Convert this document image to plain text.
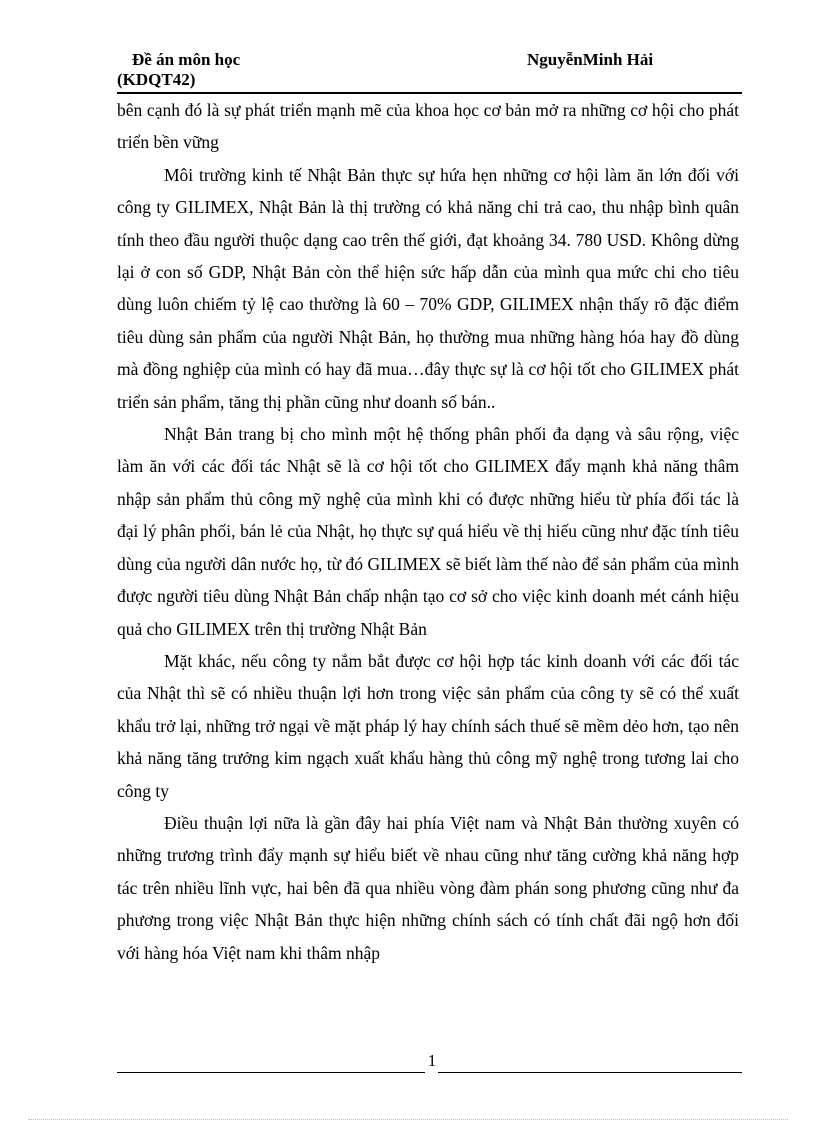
Đề án môn học
(KDQT42)
NguyễnMinh Hải

bên cạnh đó là sự phát triển mạnh mẽ của khoa học cơ bản mở ra những cơ hội cho phát triển bền vững

Môi trường kinh tế Nhật Bản thực sự hứa hẹn những cơ hội làm ăn lớn đối với công ty GILIMEX, Nhật Bản là thị trường có khả năng chi trả cao, thu nhập bình quân tính theo đầu người thuộc dạng cao trên thế giới, đạt khoảng 34. 780 USD. Không dừng lại ở con số GDP, Nhật Bản còn thể hiện sức hấp dẫn của mình qua mức chi cho tiêu dùng luôn chiếm tỷ lệ cao thường là 60 – 70% GDP, GILIMEX nhận thấy rõ đặc điểm tiêu dùng sản phẩm của người Nhật Bản, họ thường mua những hàng hóa hay đồ dùng mà đồng nghiệp của mình có hay đã mua…đây thực sự là cơ hội tốt cho GILIMEX phát triển sản phẩm, tăng thị phần cũng như doanh số bán..

Nhật Bản trang bị cho mình một hệ thống phân phối đa dạng và sâu rộng, việc làm ăn với các đối tác Nhật sẽ là cơ hội tốt cho GILIMEX đẩy mạnh khả năng thâm nhập sản phẩm thủ công mỹ nghệ của mình khi có được những hiểu từ phía đối tác là đại lý phân phối, bán lẻ của Nhật, họ thực sự quá hiểu về thị hiếu cũng như đặc tính tiêu dùng của người dân nước họ, từ đó GILIMEX sẽ biết làm thế nào để sản phẩm của mình được người tiêu dùng Nhật Bản chấp nhận tạo cơ sở cho việc kinh doanh mét cánh hiệu quả cho GILIMEX trên thị trường Nhật Bản

Mặt khác, nếu công ty nắm bắt được cơ hội hợp tác kinh doanh với các đối tác của Nhật thì sẽ có nhiều thuận lợi hơn trong việc sản phẩm của công ty sẽ có thể xuất khẩu trở lại, những trở ngại về mặt pháp lý hay chính sách thuế sẽ mềm dẻo hơn, tạo nên khả năng tăng trưởng kim ngạch xuất khẩu hàng thủ công mỹ nghệ trong tương lai cho công ty

Điều thuận lợi nữa là gần đây hai phía Việt nam và Nhật Bản thường xuyên có những trương trình đẩy mạnh sự hiểu biết về nhau cũng như tăng cường khả năng hợp tác trên nhiều lĩnh vực, hai bên đã qua nhiều vòng đàm phán song phương cũng như đa phương trong việc Nhật Bản thực hiện những chính sách có tính chất đãi ngộ hơn đối với hàng hóa Việt nam khi thâm nhập

1
